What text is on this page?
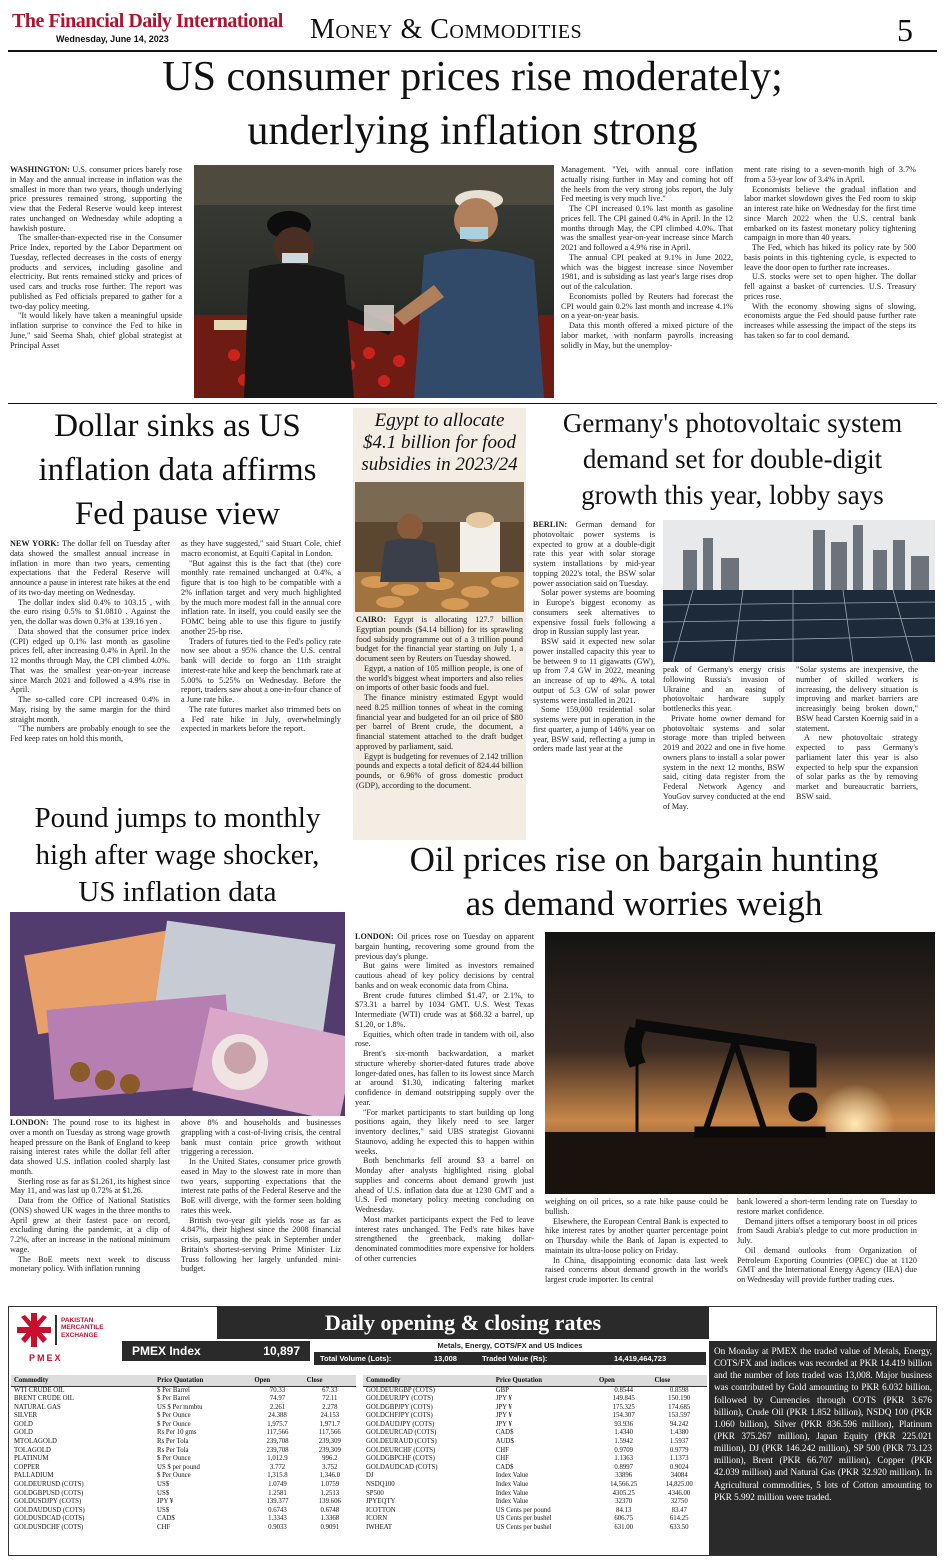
The Financial Daily International
Wednesday, June 14, 2023	Money & Commodities	5
US consumer prices rise moderately;
underlying inflation strong

WASHINGTON: U.S. consumer prices barely rose in May and the annual increase in inflation was the smallest in more than two years, though underlying price pressures remained strong, supporting the view that the Federal Reserve would keep interest rates unchanged on Wednesday while adopting a hawkish posture.

The smaller-than-expected rise in the Consumer Price Index, reported by the Labor Department on Tuesday, reflected decreases in the costs of energy products and services, including gasoline and electricity. But rents remained sticky and prices of used cars and trucks rose further. The report was published as Fed officials prepared to gather for a two-day policy meeting.

"It would likely have taken a meaningful upside inflation surprise to convince the Fed to hike in June," said Seema Shah, chief global strategist at Principal Asset

Management. "Yet, with annual core inflation actually rising further in May and coming hot off the heels from the very strong jobs report, the July Fed meeting is very much live."

The CPI increased 0.1% last month as gasoline prices fell. The CPI gained 0.4% in April. In the 12 months through May, the CPI climbed 4.0%. That was the smallest year-on-year increase since March 2021 and followed a 4.9% rise in April.

The annual CPI peaked at 9.1% in June 2022, which was the biggest increase since November 1981, and is subsiding as last year's large rises drop out of the calculation.

Economists polled by Reuters had forecast the CPI would gain 0.2% last month and increase 4.1% on a year-on-year basis.

Data this month offered a mixed picture of the labor market, with nonfarm payrolls increasing solidly in May, but the unemploy-

ment rate rising to a seven-month high of 3.7% from a 53-year low of 3.4% in April.

Economists believe the gradual inflation and labor market slowdown gives the Fed room to skip an interest rate hike on Wednesday for the first time since March 2022 when the U.S. central bank embarked on its fastest monetary policy tightening campaign in more than 40 years.

The Fed, which has hiked its policy rate by 500 basis points in this tightening cycle, is expected to leave the door open to further rate increases.

U.S. stocks were set to open higher. The dollar fell against a basket of currencies. U.S. Treasury prices rose.

With the economy showing signs of slowing, economists argue the Fed should pause further rate increases while assessing the impact of the steps its has taken so far to cool demand.

Dollar sinks as US
inflation data affirms
Fed pause view

NEW YORK: The dollar fell on Tuesday after data showed the smallest annual increase in inflation in more than two years, cementing expectations that the Federal Reserve will announce a pause in interest rate hikes at the end of its two-day meeting on Wednesday.

The dollar index slid 0.4% to 103.15 , with the euro rising 0.5% to $1.0810 . Against the yen, the dollar was down 0.3% at 139.16 yen .

Data showed that the consumer price index (CPI) edged up 0.1% last month as gasoline prices fell, after increasing 0.4% in April. In the 12 months through May, the CPI climbed 4.0%. That was the smallest year-on-year increase since March 2021 and followed a 4.9% rise in April.

The so-called core CPI increased 0.4% in May, rising by the same margin for the third straight month.

"The numbers are probably enough to see the Fed keep rates on hold this month,

as they have suggested," said Stuart Cole, chief macro economist, at Equiti Capital in London.

"But against this is the fact that (the) core monthly rate remained unchanged at 0.4%, a figure that is too high to be compatible with a 2% inflation target and very much highlighted by the much more modest fall in the annual core inflation rate. In itself, you could easily see the FOMC being able to use this figure to justify another 25-bp rise.

Traders of futures tied to the Fed's policy rate now see about a 95% chance the U.S. central bank will decide to forgo an 11th straight interest-rate hike and keep the benchmark rate at 5.00% to 5.25% on Wednesday. Before the report, traders saw about a one-in-four chance of a June rate hike.

The rate futures market also trimmed bets on a Fed rate hike in July, overwhelmingly expected in markets before the report.

Egypt to allocate $4.1 billion for food subsidies in 2023/24

CAIRO: Egypt is allocating 127.7 billion Egyptian pounds ($4.14 billion) for its sprawling food subsidy programme out of a 3 trillion pound budget for the financial year starting on July 1, a document seen by Reuters on Tuesday showed.

Egypt, a nation of 105 million people, is one of the world's biggest wheat importers and also relies on imports of other basic foods and fuel.

The finance ministry estimated Egypt would need 8.25 million tonnes of wheat in the coming financial year and budgeted for an oil price of $80 per barrel of Brent crude, the document, a financial statement attached to the draft budget approved by parliament, said.

Egypt is budgeting for revenues of 2.142 trillion pounds and expects a total deficit of 824.44 billion pounds, or 6.96% of gross domestic product (GDP), according to the document.

Germany's photovoltaic system
demand set for double-digit
growth this year, lobby says

BERLIN: German demand for photovoltaic power systems is expected to grow at a double-digit rate this year with solar storage system installations by mid-year topping 2022's total, the BSW solar power association said on Tuesday.

Solar power systems are booming in Europe's biggest economy as consumers seek alternatives to expensive fossil fuels following a drop in Russian supply last year.

BSW said it expected new solar power installed capacity this year to be between 9 to 11 gigawatts (GW), up from 7.4 GW in 2022, meaning an increase of up to 49%. A total output of 5.3 GW of solar power systems were installed in 2021.

Some 159,000 residential solar systems were put in operation in the first quarter, a jump of 146% year on year, BSW said, reflecting a jump in orders made last year at the

peak of Germany's energy crisis following Russia's invasion of Ukraine and an easing of photovoltaic hardware supply bottlenecks this year.

Private home owner demand for photovoltaic systems and solar storage more than tripled between 2019 and 2022 and one in five home owners plans to install a solar power system in the next 12 months, BSW said, citing data register from the Federal Network Agency and YouGov survey conducted at the end of May.

"Solar systems are inexpensive, the number of skilled workers is increasing, the delivery situation is improving and market barriers are increasingly being broken down," BSW head Carsten Koernig said in a statement.

A new photovoltaic strategy expected to pass Germany's parliament later this year is also expected to help spur the expansion of solar parks as the by removing market and bureaucratic barriers, BSW said.

Pound jumps to monthly
high after wage shocker,
US inflation data

LONDON: The pound rose to its highest in over a month on Tuesday as strong wage growth heaped pressure on the Bank of England to keep raising interest rates while the dollar fell after data showed U.S. inflation cooled sharply last month.

Sterling rose as far as $1.261, its highest since May 11, and was last up 0.72% at $1.26.

Data from the Office of National Statistics (ONS) showed UK wages in the three months to April grew at their fastest pace on record, excluding during the pandemic, at a clip of 7.2%, after an increase in the national minimum wage.

The BoE meets next week to discuss monetary policy. With inflation running

above 8% and households and businesses grappling with a cost-of-living crisis, the central bank must contain price growth without triggering a recession.

In the United States, consumer price growth eased in May to the slowest rate in more than two years, supporting expectations that the interest rate paths of the Federal Reserve and the BoE will diverge, with the former seen holding rates this week.

British two-year gilt yields rose as far as 4.847%, their highest since the 2008 financial crisis, surpassing the peak in September under Britain's shortest-serving Prime Minister Liz Truss following her largely unfunded mini-budget.

Oil prices rise on bargain hunting
as demand worries weigh

LONDON: Oil prices rose on Tuesday on apparent bargain hunting, recovering some ground from the previous day's plunge.

But gains were limited as investors remained cautious ahead of key policy decisions by central banks and on weak economic data from China.

Brent crude futures climbed $1.47, or 2.1%, to $73.31 a barrel by 1034 GMT. U.S. West Texas Intermediate (WTI) crude was at $68.32 a barrel, up $1.20, or 1.8%.

Equities, which often trade in tandem with oil, also rose.

Brent's six-month backwardation, a market structure whereby shorter-dated futures trade above longer-dated ones, has fallen to its lowest since March at around $1.30, indicating faltering market confidence in demand outstripping supply over the year.

"For market participants to start building up long positions again, they likely need to see larger inventory declines," said UBS strategist Giovanni Staunovo, adding he expected this to happen within weeks.

Both benchmarks fell around $3 a barrel on Monday after analysts highlighted rising global supplies and concerns about demand growth just ahead of U.S. inflation data due at 1230 GMT and a U.S. Fed monetary policy meeting concluding on Wednesday.

Most market participants expect the Fed to leave interest rates unchanged. The Fed's rate hikes have strengthened the greenback, making dollar-denominated commodities more expensive for holders of other currencies

weighing on oil prices, so a rate hike pause could be bullish.

Elsewhere, the European Central Bank is expected to hike interest rates by another quarter percentage point on Thursday while the Bank of Japan is expected to maintain its ultra-loose policy on Friday.

In China, disappointing economic data last week raised concerns about demand growth in the world's largest crude importer. Its central

bank lowered a short-term lending rate on Tuesday to restore market confidence.

Demand jitters offset a temporary boost in oil prices from Saudi Arabia's pledge to cut more production in July.

Oil demand outlooks from Organization of Petroleum Exporting Countries (OPEC) due at 1120 GMT and the International Energy Agency (IEA) due on Wednesday will provide further trading cues.

PAKISTAN MERCANTILE EXCHANGE
PMEX
Daily opening & closing rates
PMEX Index	10,897	Metals, Energy, COTS/FX and US Indices
Total Volume (Lots):	13,008	Traded Value (Rs):	14,419,464,723
Commodity	Price Quotation	Open	Close
WTI CRUDE OIL	$ Per Barrel	70.33	67.33
BRENT CRUDE OIL	$ Per Barrel	74.97	72.11
NATURAL GAS	US $ Per mmbtu	2.261	2.278
SILVER	$ Per Ounce	24.388	24.153
GOLD	$ Per Ounce	1,975.7	1,971.7
GOLD	Rs Per 10 gms	117,566	117,566
MTOLAGOLD	Rs Per Tola	239,708	239,309
TOLAGOLD	Rs Per Tola	239,708	239,309
PLATINUM	$ Per Ounce	1,012.9	996.2
COPPER	US $ per pound	3.772	3.752
PALLADIUM	$ Per Ounce	1,315.8	1,346.0
GOLDEURUSD (COTS)	US$	1.0749	1.0759
GOLDGBPUSD (COTS)	US$	1.2581	1.2513
GOLDUSDJPY (COTS)	JPY ¥	139.377	139.606
GOLDAUDUSD (COTS)	US$	0.6743	0.6748
GOLDUSDCAD (COTS)	CAD$	1.3343	1.3368
GOLDUSDCHF (COTS)	CHF	0.9033	0.9091
Commodity	Price Quotation	Open	Close
GOLDEURGBP (COTS)	GBP	0.8544	0.8598
GOLDEURJPY (COTS)	JPY ¥	149.845	150.190
GOLDGBPJPY (COTS)	JPY ¥	175.325	174.685
GOLDCHFJPY (COTS)	JPY ¥	154.307	153.597
GOLDAUDJPY (COTS)	JPY ¥	93.936	94.242
GOLDEURCAD (COTS)	CAD$	1.4340	1.4380
GOLDEURAUD (COTS)	AUD$	1.5942	1.5937
GOLDEURCHF (COTS)	CHF	0.9709	0.9779
GOLDGBPCHF (COTS)	CHF	1.1363	1.1373
GOLDAUDCAD (COTS)	CAD$	0.8997	0.9024
DJ	Index Value	33896	34084
NSDQ100	Index Value	14,566.25	14,825.00
SP500	Index Value	4305.25	4346.00
JPYEQTY	Index Value	32370	32750
ICOTTON	US Cents per pound	84.13	83.47
ICORN	US Cents per bushel	606.75	614.25
IWHEAT	US Cents per bushel	631.00	633.50
On Monday at PMEX the traded value of Metals, Energy, COTS/FX and indices was recorded at PKR 14.419 billion and the number of lots traded was 13,008. Major business was contributed by Gold amounting to PKR 6.032 billion, followed by Currencies through COTS (PKR 3.676 billion), Crude Oil (PKR 1.852 billion), NSDQ 100 (PKR 1.060 billion), Silver (PKR 836.596 million), Platinum (PKR 375.267 million), Japan Equity (PKR 225.021 million), DJ (PKR 146.242 million), SP 500 (PKR 73.123 million), Brent (PKR 66.707 million), Copper (PKR 42.039 million) and Natural Gas (PKR 32.920 million). In Agricultural commodities, 5 lots of Cotton amounting to PKR 5.992 million were traded.
